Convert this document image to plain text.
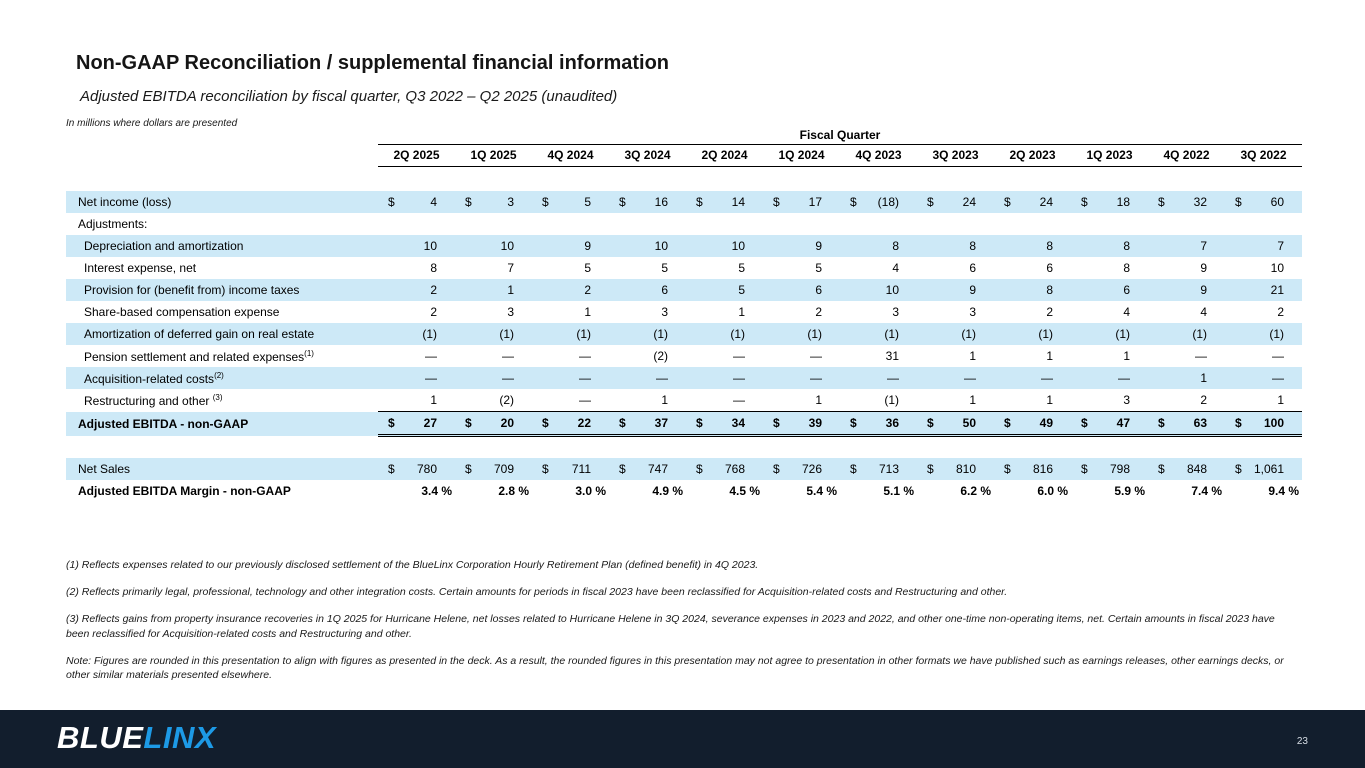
Non-GAAP Reconciliation / supplemental financial information
Adjusted EBITDA reconciliation by fiscal quarter, Q3 2022 – Q2 2025 (unaudited)
In millions where dollars are presented
	Fiscal Quarter											
	2Q 2025	1Q 2025	4Q 2024	3Q 2024	2Q 2024	1Q 2024	4Q 2023	3Q 2023	2Q 2023	1Q 2023	4Q 2022	3Q 2022

Net income (loss)	$ 4	$ 3	$ 5	$ 16	$ 14	$ 17	$ (18)	$ 24	$ 24	$ 18	$ 32	$ 60

Adjustments:												
Depreciation and amortization	10	10	9	10	10	9	8	8	8	8	7	7

Interest expense, net	8	7	5	5	5	5	4	6	6	8	9	10

Provision for (benefit from) income taxes	2	1	2	6	5	6	10	9	8	6	9	21

Share-based compensation expense	2	3	1	3	1	2	3	3	2	4	4	2

Amortization of deferred gain on real estate	(1)	(1)	(1)	(1)	(1)	(1)	(1)	(1)	(1)	(1)	(1)	(1)

Pension settlement and related expenses$^{(1)}$	—	—	—	(2)	—	—	31	1	1	1	—	—

Acquisition-related costs$^{(2)}$	—	—	—	—	—	—	—	—	—	—	1	—

Restructuring and other $^{(3)}$	1	(2)	—	1	—	1	(1)	1	1	3	2	1

Adjusted EBITDA - non-GAAP	$ 27	$ 20	$ 22	$ 37	$ 34	$ 39	$ 36	$ 50	$ 49	$ 47	$ 63	$ 100

Net Sales	$ 780	$ 709	$ 711	$ 747	$ 768	$ 726	$ 713	$ 810	$ 816	$ 798	$ 848	$ 1,061

Adjusted EBITDA Margin - non-GAAP	3.4 %	2.8 %	3.0 %	4.9 %	4.5 %	5.4 %	5.1 %	6.2 %	6.0 %	5.9 %	7.4 %	9.4 %

(1) Reflects expenses related to our previously disclosed settlement of the BlueLinx Corporation Hourly Retirement Plan (defined benefit) in 4Q 2023.

(2) Reflects primarily legal, professional, technology and other integration costs. Certain amounts for periods in fiscal 2023 have been reclassified for Acquisition-related costs and Restructuring and other.

(3) Reflects gains from property insurance recoveries in 1Q 2025 for Hurricane Helene, net losses related to Hurricane Helene in 3Q 2024, severance expenses in 2023 and 2022, and other one-time non-operating items, net. Certain amounts in fiscal 2023 have been reclassified for Acquisition-related costs and Restructuring and other.

Note: Figures are rounded in this presentation to align with figures as presented in the deck. As a result, the rounded figures in this presentation may not agree to presentation in other formats we have published such as earnings releases, other earnings decks, or other similar materials presented elsewhere.

BLUELINX	23
